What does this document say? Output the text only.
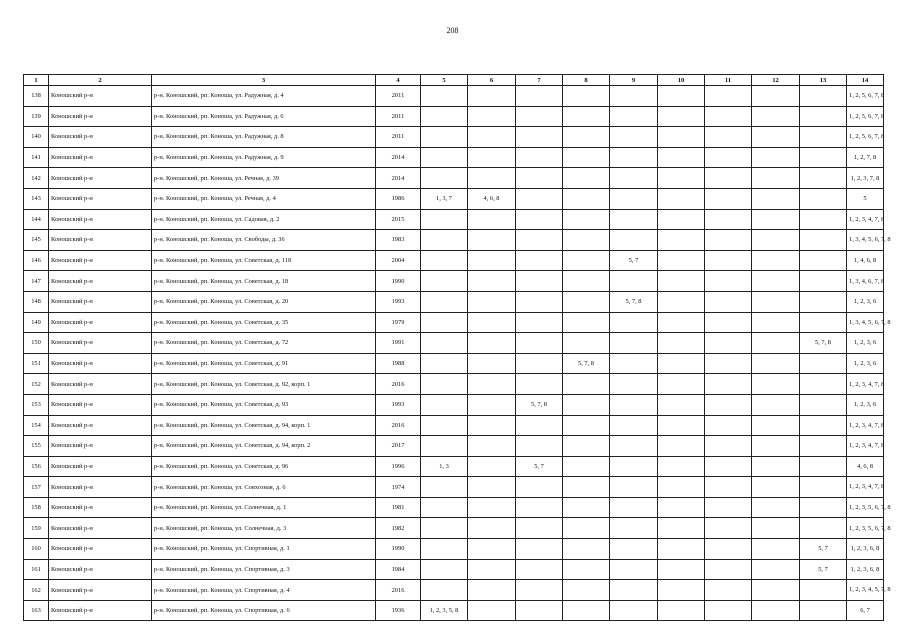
208
1	2	3	4	5	6	7	8	9	10	11	12	13	14
138	Коношский р-н	р-н. Коношский, рп. Коноша, ул. Радужная, д. 4	2011										1, 2, 5, 6, 7, 8
139	Коношский р-н	р-н. Коношский, рп. Коноша, ул. Радужная, д. 6	2011										1, 2, 5, 6, 7, 8
140	Коношский р-н	р-н. Коношский, рп. Коноша, ул. Радужная, д. 8	2011										1, 2, 5, 6, 7, 8
141	Коношский р-н	р-н. Коношский, рп. Коноша, ул. Радужная, д. 9	2014										1, 2, 7, 8
142	Коношский р-н	р-н. Коношский, рп. Коноша, ул. Речная, д. 39	2014										1, 2, 3, 7, 8
143	Коношский р-н	р-н. Коношский, рп. Коноша, ул. Речная, д. 4	1986	1, 3, 7	4, 6, 8								5
144	Коношский р-н	р-н. Коношский, рп. Коноша, ул. Садовая, д. 2	2015										1, 2, 3, 4, 7, 8
145	Коношский р-н	р-н. Коношский, рп. Коноша, ул. Свободы, д. 36	1983										1, 3, 4, 5, 6, 7, 8
146	Коношский р-н	р-н. Коношский, рп. Коноша, ул. Советская, д. 118	2004					5, 7					1, 4, 6, 8
147	Коношский р-н	р-н. Коношский, рп. Коноша, ул. Советская, д. 18	1990										1, 3, 4, 6, 7, 8
148	Коношский р-н	р-н. Коношский, рп. Коноша, ул. Советская, д. 20	1993					5, 7, 8					1, 2, 3, 6
149	Коношский р-н	р-н. Коношский, рп. Коноша, ул. Советская, д. 35	1979										1, 3, 4, 5, 6, 7, 8
150	Коношский р-н	р-н. Коношский, рп. Коноша, ул. Советская, д. 72	1991									5, 7, 8	1, 2, 3, 6
151	Коношский р-н	р-н. Коношский, рп. Коноша, ул. Советская, д. 91	1988				5, 7, 8						1, 2, 3, 6
152	Коношский р-н	р-н. Коношский, рп. Коноша, ул. Советская, д. 92, корп. 1	2016										1, 2, 3, 4, 7, 8
153	Коношский р-н	р-н. Коношский, рп. Коноша, ул. Советская, д. 93	1993			5, 7, 8							1, 2, 3, 6
154	Коношский р-н	р-н. Коношский, рп. Коноша, ул. Советская, д. 94, корп. 1	2016										1, 2, 3, 4, 7, 8
155	Коношский р-н	р-н. Коношский, рп. Коноша, ул. Советская, д. 94, корп. 2	2017										1, 2, 3, 4, 7, 8
156	Коношский р-н	р-н. Коношский, рп. Коноша, ул. Советская, д. 96	1996	1, 3		5, 7							4, 6, 8
157	Коношский р-н	р-н. Коношский, рп. Коноша, ул. Совхозная, д. 6	1974										1, 2, 3, 4, 7, 8
158	Коношский р-н	р-н. Коношский, рп. Коноша, ул. Солнечная, д. 1	1981										1, 2, 3, 5, 6, 7, 8
159	Коношский р-н	р-н. Коношский, рп. Коноша, ул. Солнечная, д. 3	1982										1, 2, 3, 5, 6, 7, 8
160	Коношский р-н	р-н. Коношский, рп. Коноша, ул. Спортивная, д. 1	1990									5, 7	1, 2, 3, 6, 8
161	Коношский р-н	р-н. Коношский, рп. Коноша, ул. Спортивная, д. 3	1984									5, 7	1, 2, 3, 6, 8
162	Коношский р-н	р-н. Коношский, рп. Коноша, ул. Спортивная, д. 4	2016										1, 2, 3, 4, 5, 7, 8
163	Коношский р-н	р-н. Коношский, рп. Коноша, ул. Спортивная, д. 6	1936	1, 2, 3, 5, 8									6, 7
